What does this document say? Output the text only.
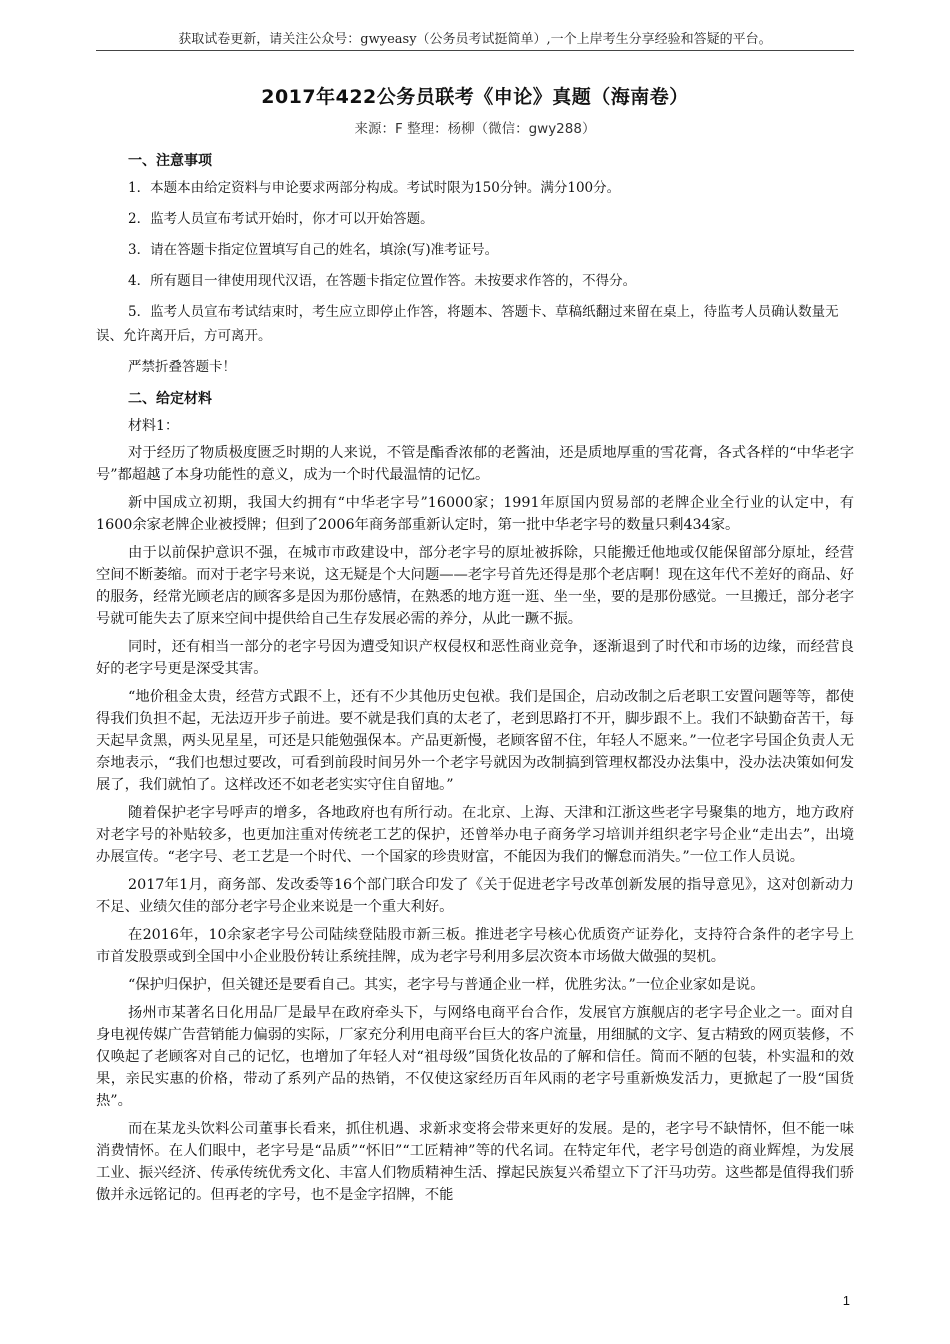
获取试卷更新，请关注公众号：gwyeasy（公务员考试挺简单）,一个上岸考生分享经验和答疑的平台。
2017年422公务员联考《申论》真题（海南卷）
来源：F 整理：杨柳（微信：gwy288）
一、注意事项
1．本题本由给定资料与申论要求两部分构成。考试时限为150分钟。满分100分。
2．监考人员宣布考试开始时，你才可以开始答题。
3．请在答题卡指定位置填写自己的姓名，填涂(写)准考证号。
4．所有题目一律使用现代汉语，在答题卡指定位置作答。未按要求作答的，不得分。
5．监考人员宣布考试结束时，考生应立即停止作答，将题本、答题卡、草稿纸翻过来留在桌上，待监考人员确认数量无误、允许离开后，方可离开。
严禁折叠答题卡！
二、给定材料
材料1：

对于经历了物质极度匮乏时期的人来说，不管是酯香浓郁的老酱油，还是质地厚重的雪花膏，各式各样的“中华老字号”都超越了本身功能性的意义，成为一个时代最温情的记忆。

新中国成立初期，我国大约拥有“中华老字号”16000家；1991年原国内贸易部的老牌企业全行业的认定中，有1600余家老牌企业被授牌；但到了2006年商务部重新认定时，第一批中华老字号的数量只剩434家。

由于以前保护意识不强，在城市市政建设中，部分老字号的原址被拆除，只能搬迁他地或仅能保留部分原址，经营空间不断萎缩。而对于老字号来说，这无疑是个大问题——老字号首先还得是那个老店啊！现在这年代不差好的商品、好的服务，经常光顾老店的顾客多是因为那份感情，在熟悉的地方逛一逛、坐一坐，要的是那份感觉。一旦搬迁，部分老字号就可能失去了原来空间中提供给自己生存发展必需的养分，从此一蹶不振。

同时，还有相当一部分的老字号因为遭受知识产权侵权和恶性商业竞争，逐渐退到了时代和市场的边缘，而经营良好的老字号更是深受其害。

“地价租金太贵，经营方式跟不上，还有不少其他历史包袱。我们是国企，启动改制之后老职工安置问题等等，都使得我们负担不起，无法迈开步子前进。要不就是我们真的太老了，老到思路打不开，脚步跟不上。我们不缺勤奋苦干，每天起早贪黑，两头见星星，可还是只能勉强保本。产品更新慢，老顾客留不住，年轻人不愿来。”一位老字号国企负责人无奈地表示，“我们也想过要改，可看到前段时间另外一个老字号就因为改制搞到管理权都没办法集中，没办法决策如何发展了，我们就怕了。这样改还不如老老实实守住自留地。”

随着保护老字号呼声的增多，各地政府也有所行动。在北京、上海、天津和江浙这些老字号聚集的地方，地方政府对老字号的补贴较多，也更加注重对传统老工艺的保护，还曾举办电子商务学习培训并组织老字号企业“走出去”，出境办展宣传。“老字号、老工艺是一个时代、一个国家的珍贵财富，不能因为我们的懈怠而消失。”一位工作人员说。

2017年1月，商务部、发改委等16个部门联合印发了《关于促进老字号改革创新发展的指导意见》，这对创新动力不足、业绩欠佳的部分老字号企业来说是一个重大利好。

在2016年，10余家老字号公司陆续登陆股市新三板。推进老字号核心优质资产证券化，支持符合条件的老字号上市首发股票或到全国中小企业股份转让系统挂牌，成为老字号利用多层次资本市场做大做强的契机。

“保护归保护，但关键还是要看自己。其实，老字号与普通企业一样，优胜劣汰。”一位企业家如是说。

扬州市某著名日化用品厂是最早在政府牵头下，与网络电商平台合作，发展官方旗舰店的老字号企业之一。面对自身电视传媒广告营销能力偏弱的实际，厂家充分利用电商平台巨大的客户流量，用细腻的文字、复古精致的网页装修，不仅唤起了老顾客对自己的记忆，也增加了年轻人对“祖母级”国货化妆品的了解和信任。简而不陋的包装，朴实温和的效果，亲民实惠的价格，带动了系列产品的热销，不仅使这家经历百年风雨的老字号重新焕发活力，更掀起了一股“国货热”。

而在某龙头饮料公司董事长看来，抓住机遇、求新求变将会带来更好的发展。是的，老字号不缺情怀，但不能一味消费情怀。在人们眼中，老字号是“品质”“怀旧”“工匠精神”等的代名词。在特定年代，老字号创造的商业辉煌，为发展工业、振兴经济、传承传统优秀文化、丰富人们物质精神生活、撑起民族复兴希望立下了汗马功劳。这些都是值得我们骄傲并永远铭记的。但再老的字号，也不是金字招牌，不能

1
